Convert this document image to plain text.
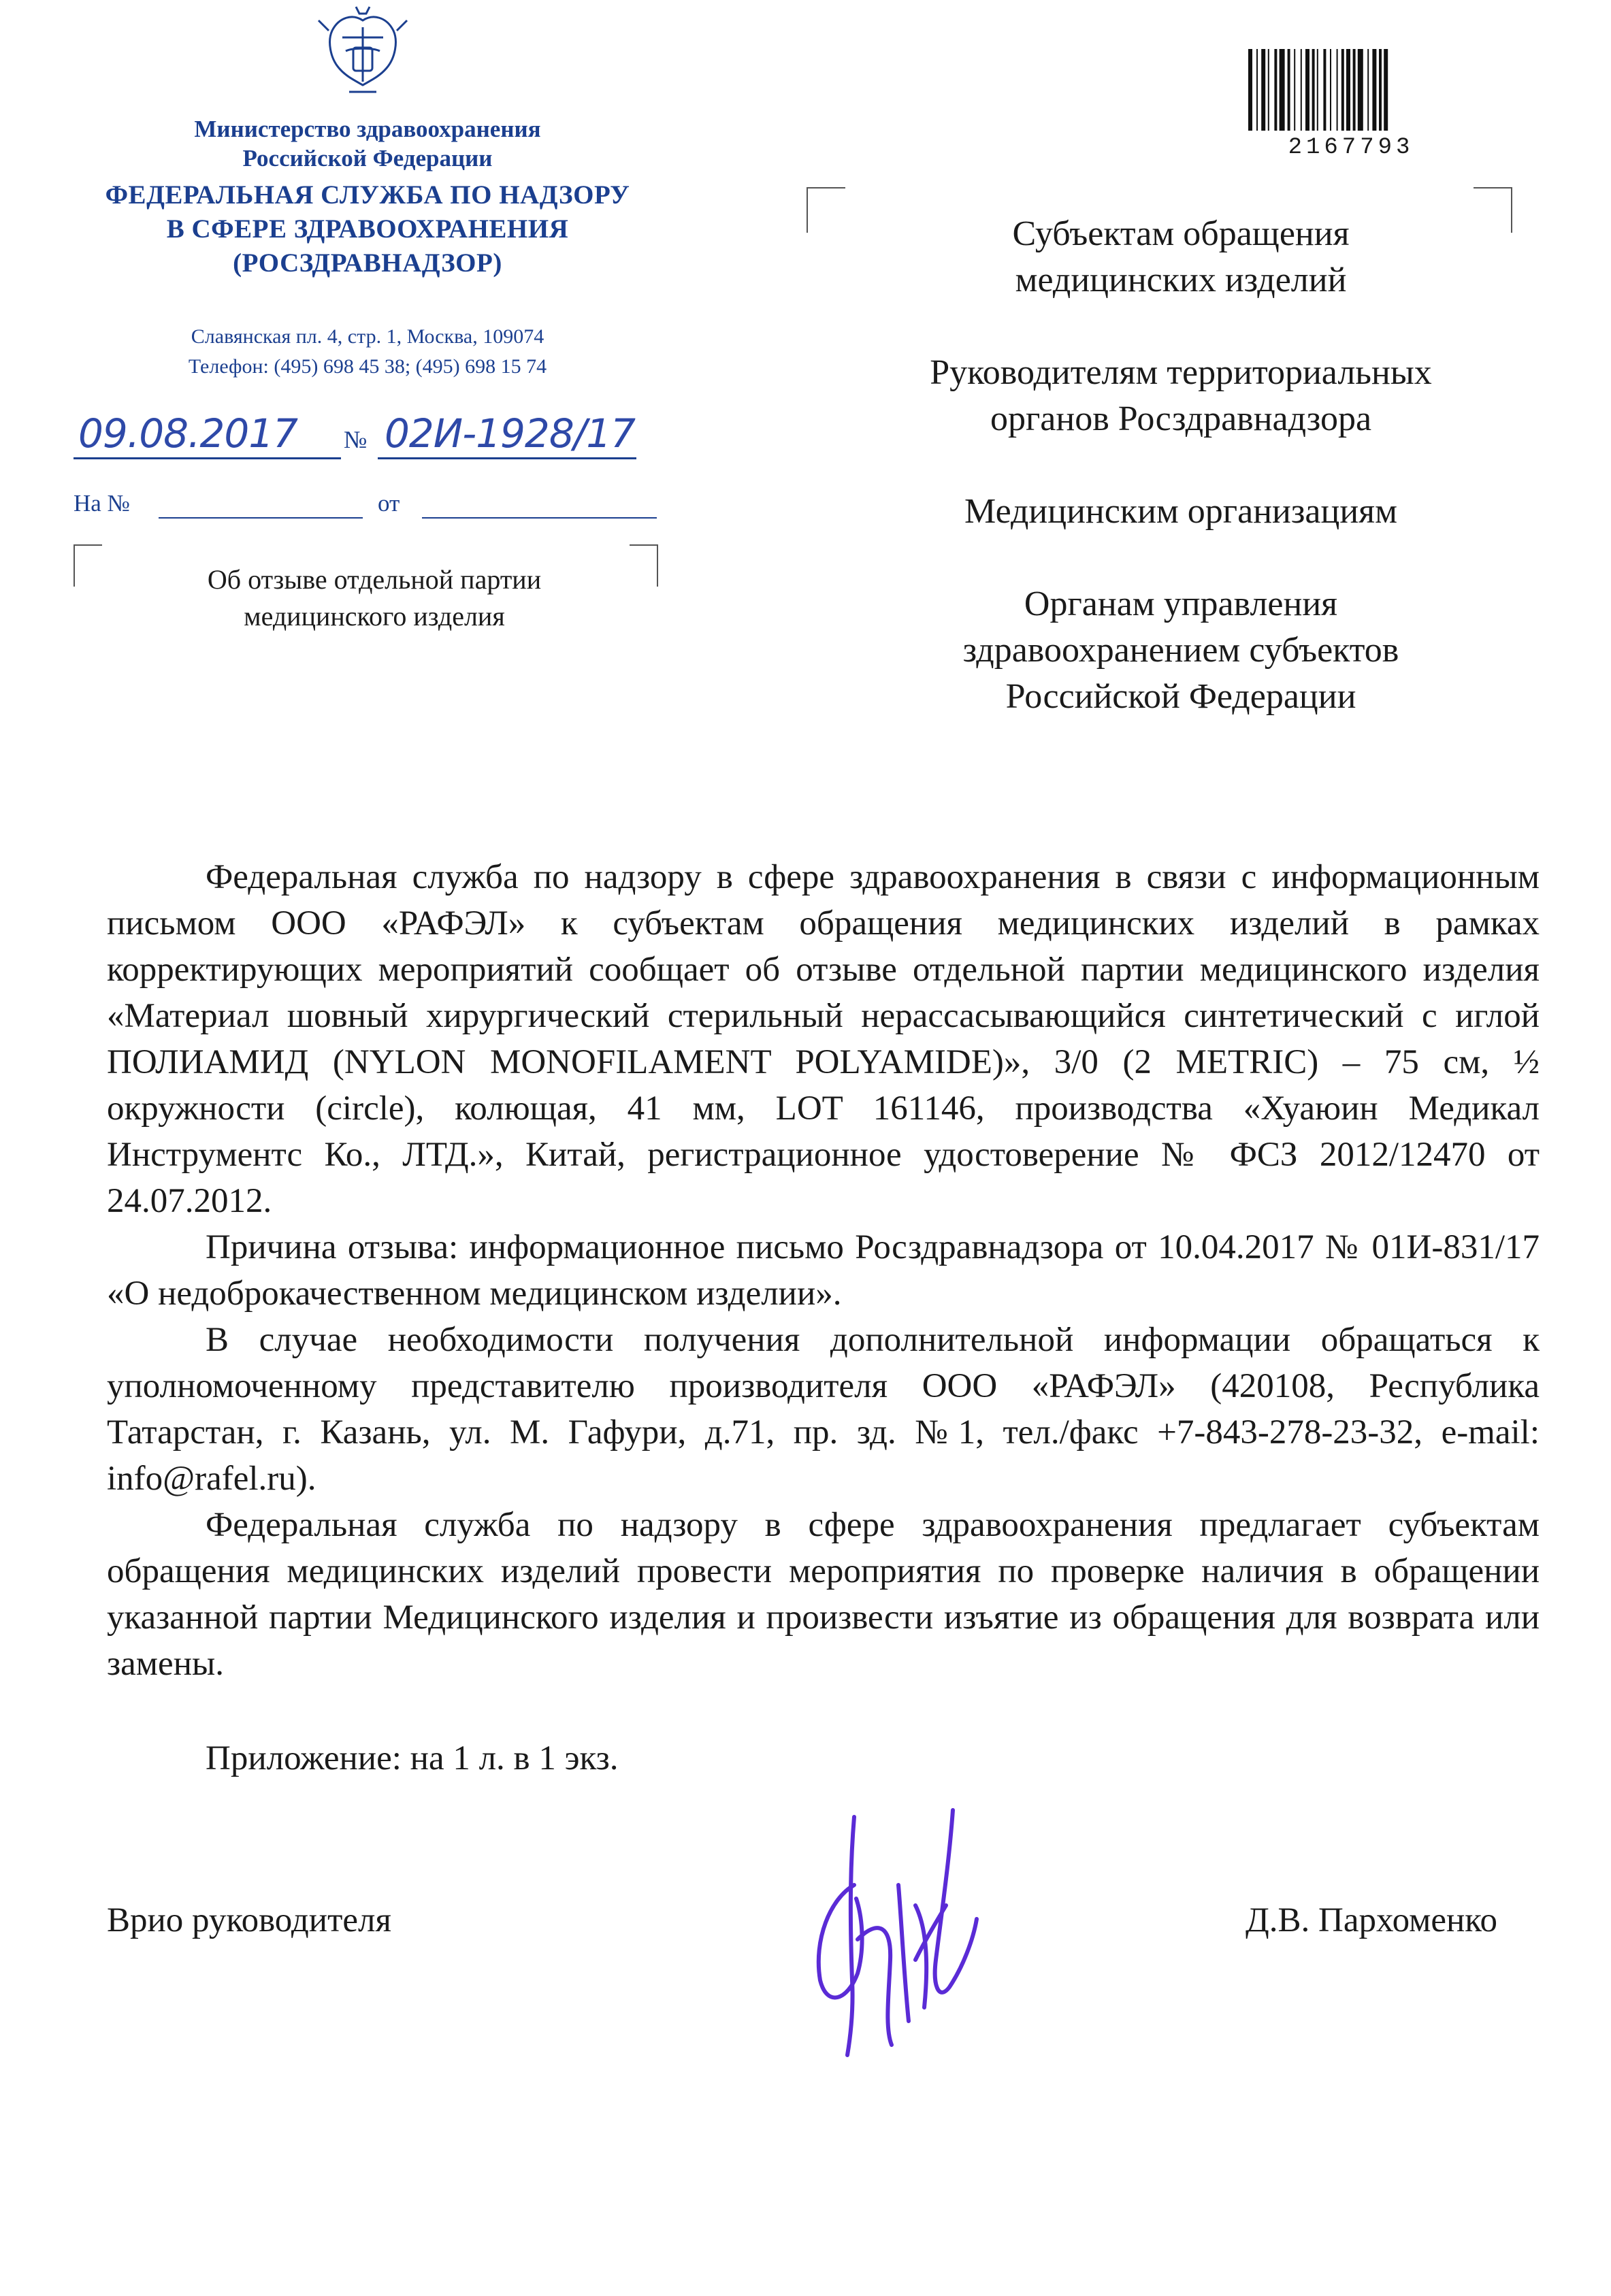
Министерство здравоохранения
Российской Федерации
ФЕДЕРАЛЬНАЯ СЛУЖБА ПО НАДЗОРУ
В СФЕРЕ ЗДРАВООХРАНЕНИЯ
(РОСЗДРАВНАДЗОР)
Славянская пл. 4, стр. 1, Москва, 109074
Телефон: (495) 698 45 38; (495) 698 15 74
09.08.2017 № 02И-1928/17
На №	от
Об отзыве отдельной партии
медицинского изделия
2167793

Субъектам обращения медицинских изделий

Руководителям территориальных органов Росздравнадзора

Медицинским организациям

Органам управления здравоохранением субъектов Российской Федерации

Федеральная служба по надзору в сфере здравоохранения в связи с информационным письмом ООО «РАФЭЛ» к субъектам обращения медицинских изделий в рамках корректирующих мероприятий сообщает об отзыве отдельной партии медицинского изделия «Материал шовный хирургический стерильный нерассасывающийся синтетический с иглой ПОЛИАМИД (NYLON MONOFILAMENT POLYAMIDE)», 3/0 (2 METRIC) – 75 см, ½ окружности (circle), колющая, 41 мм, LOT 161146, производства «Хуаюин Медикал Инструментс Ко., ЛТД.», Китай, регистрационное удостоверение № ФСЗ 2012/12470 от 24.07.2012.

Причина отзыва: информационное письмо Росздравнадзора от 10.04.2017 № 01И-831/17 «О недоброкачественном медицинском изделии».

В случае необходимости получения дополнительной информации обращаться к уполномоченному представителю производителя ООО «РАФЭЛ» (420108, Республика Татарстан, г. Казань, ул. М. Гафури, д.71, пр. зд. №1, тел./факс +7-843-278-23-32, e-mail: info@rafel.ru).

Федеральная служба по надзору в сфере здравоохранения предлагает субъектам обращения медицинских изделий провести мероприятия по проверке наличия в обращении указанной партии Медицинского изделия и произвести изъятие из обращения для возврата или замены.

Приложение: на 1 л. в 1 экз.
Врио руководителя	Д.В. Пархоменко
